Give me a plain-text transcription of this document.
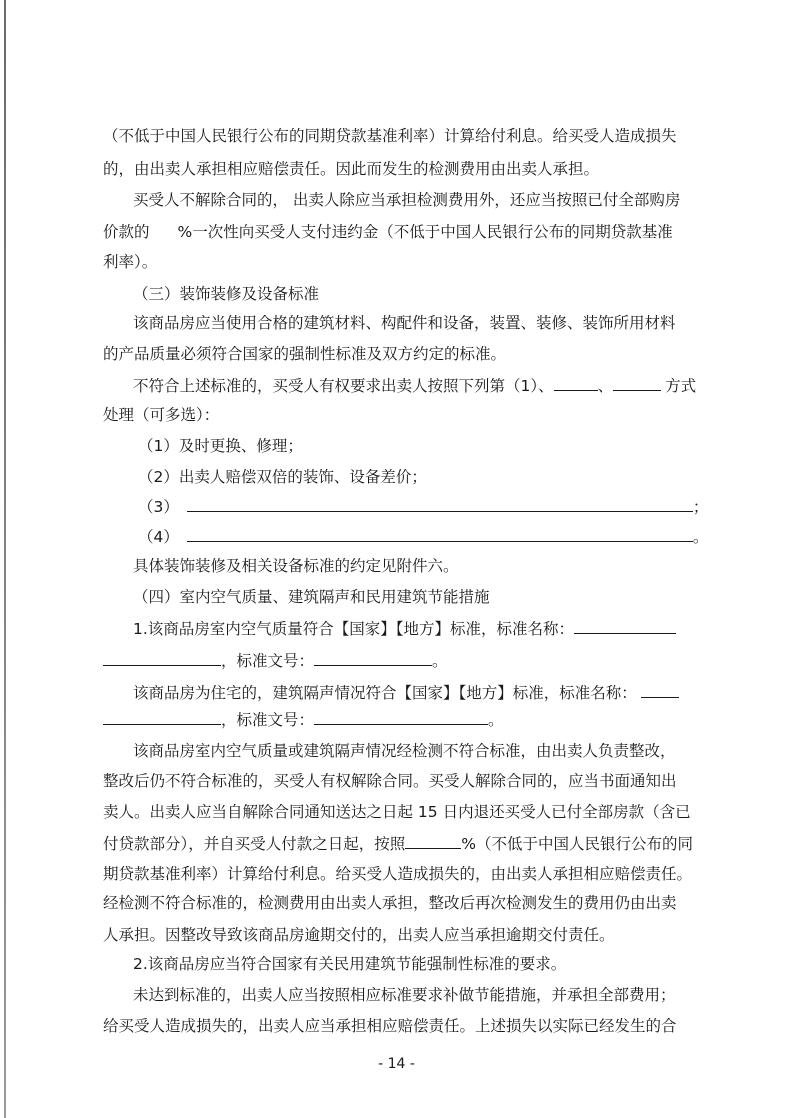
（不低于中国人民银行公布的同期贷款基准利率）计算给付利息。给买受人造成损失
的，由出卖人承担相应赔偿责任。因此而发生的检测费用由出卖人承担。
买受人不解除合同的， 出卖人除应当承担检测费用外，还应当按照已付全部购房
价款的 %一次性向买受人支付违约金（不低于中国人民银行公布的同期贷款基准
利率）。
（三）装饰装修及设备标准
该商品房应当使用合格的建筑材料、构配件和设备，装置、装修、装饰所用材料
的产品质量必须符合国家的强制性标准及双方约定的标准。
不符合上述标准的，买受人有权要求出卖人按照下列第（1）、	、	方式
处理（可多选）：
（1）及时更换、修理；
（2）出卖人赔偿双倍的装饰、设备差价；
（3）	；
（4）	。
具体装饰装修及相关设备标准的约定见附件六。
（四）室内空气质量、建筑隔声和民用建筑节能措施
1.该商品房室内空气质量符合【国家】【地方】标准，标准名称：
，标准文号：	。
该商品房为住宅的，建筑隔声情况符合【国家】【地方】标准，标准名称：
，标准文号：	。
该商品房室内空气质量或建筑隔声情况经检测不符合标准，由出卖人负责整改，
整改后仍不符合标准的，买受人有权解除合同。买受人解除合同的，应当书面通知出
卖人。出卖人应当自解除合同通知送达之日起 15 日内退还买受人已付全部房款（含已
付贷款部分），并自买受人付款之日起，按照	%（不低于中国人民银行公布的同
期贷款基准利率）计算给付利息。给买受人造成损失的，由出卖人承担相应赔偿责任。
经检测不符合标准的，检测费用由出卖人承担，整改后再次检测发生的费用仍由出卖
人承担。因整改导致该商品房逾期交付的，出卖人应当承担逾期交付责任。
2.该商品房应当符合国家有关民用建筑节能强制性标准的要求。
未达到标准的，出卖人应当按照相应标准要求补做节能措施，并承担全部费用；
给买受人造成损失的，出卖人应当承担相应赔偿责任。上述损失以实际已经发生的合
- 14 -
